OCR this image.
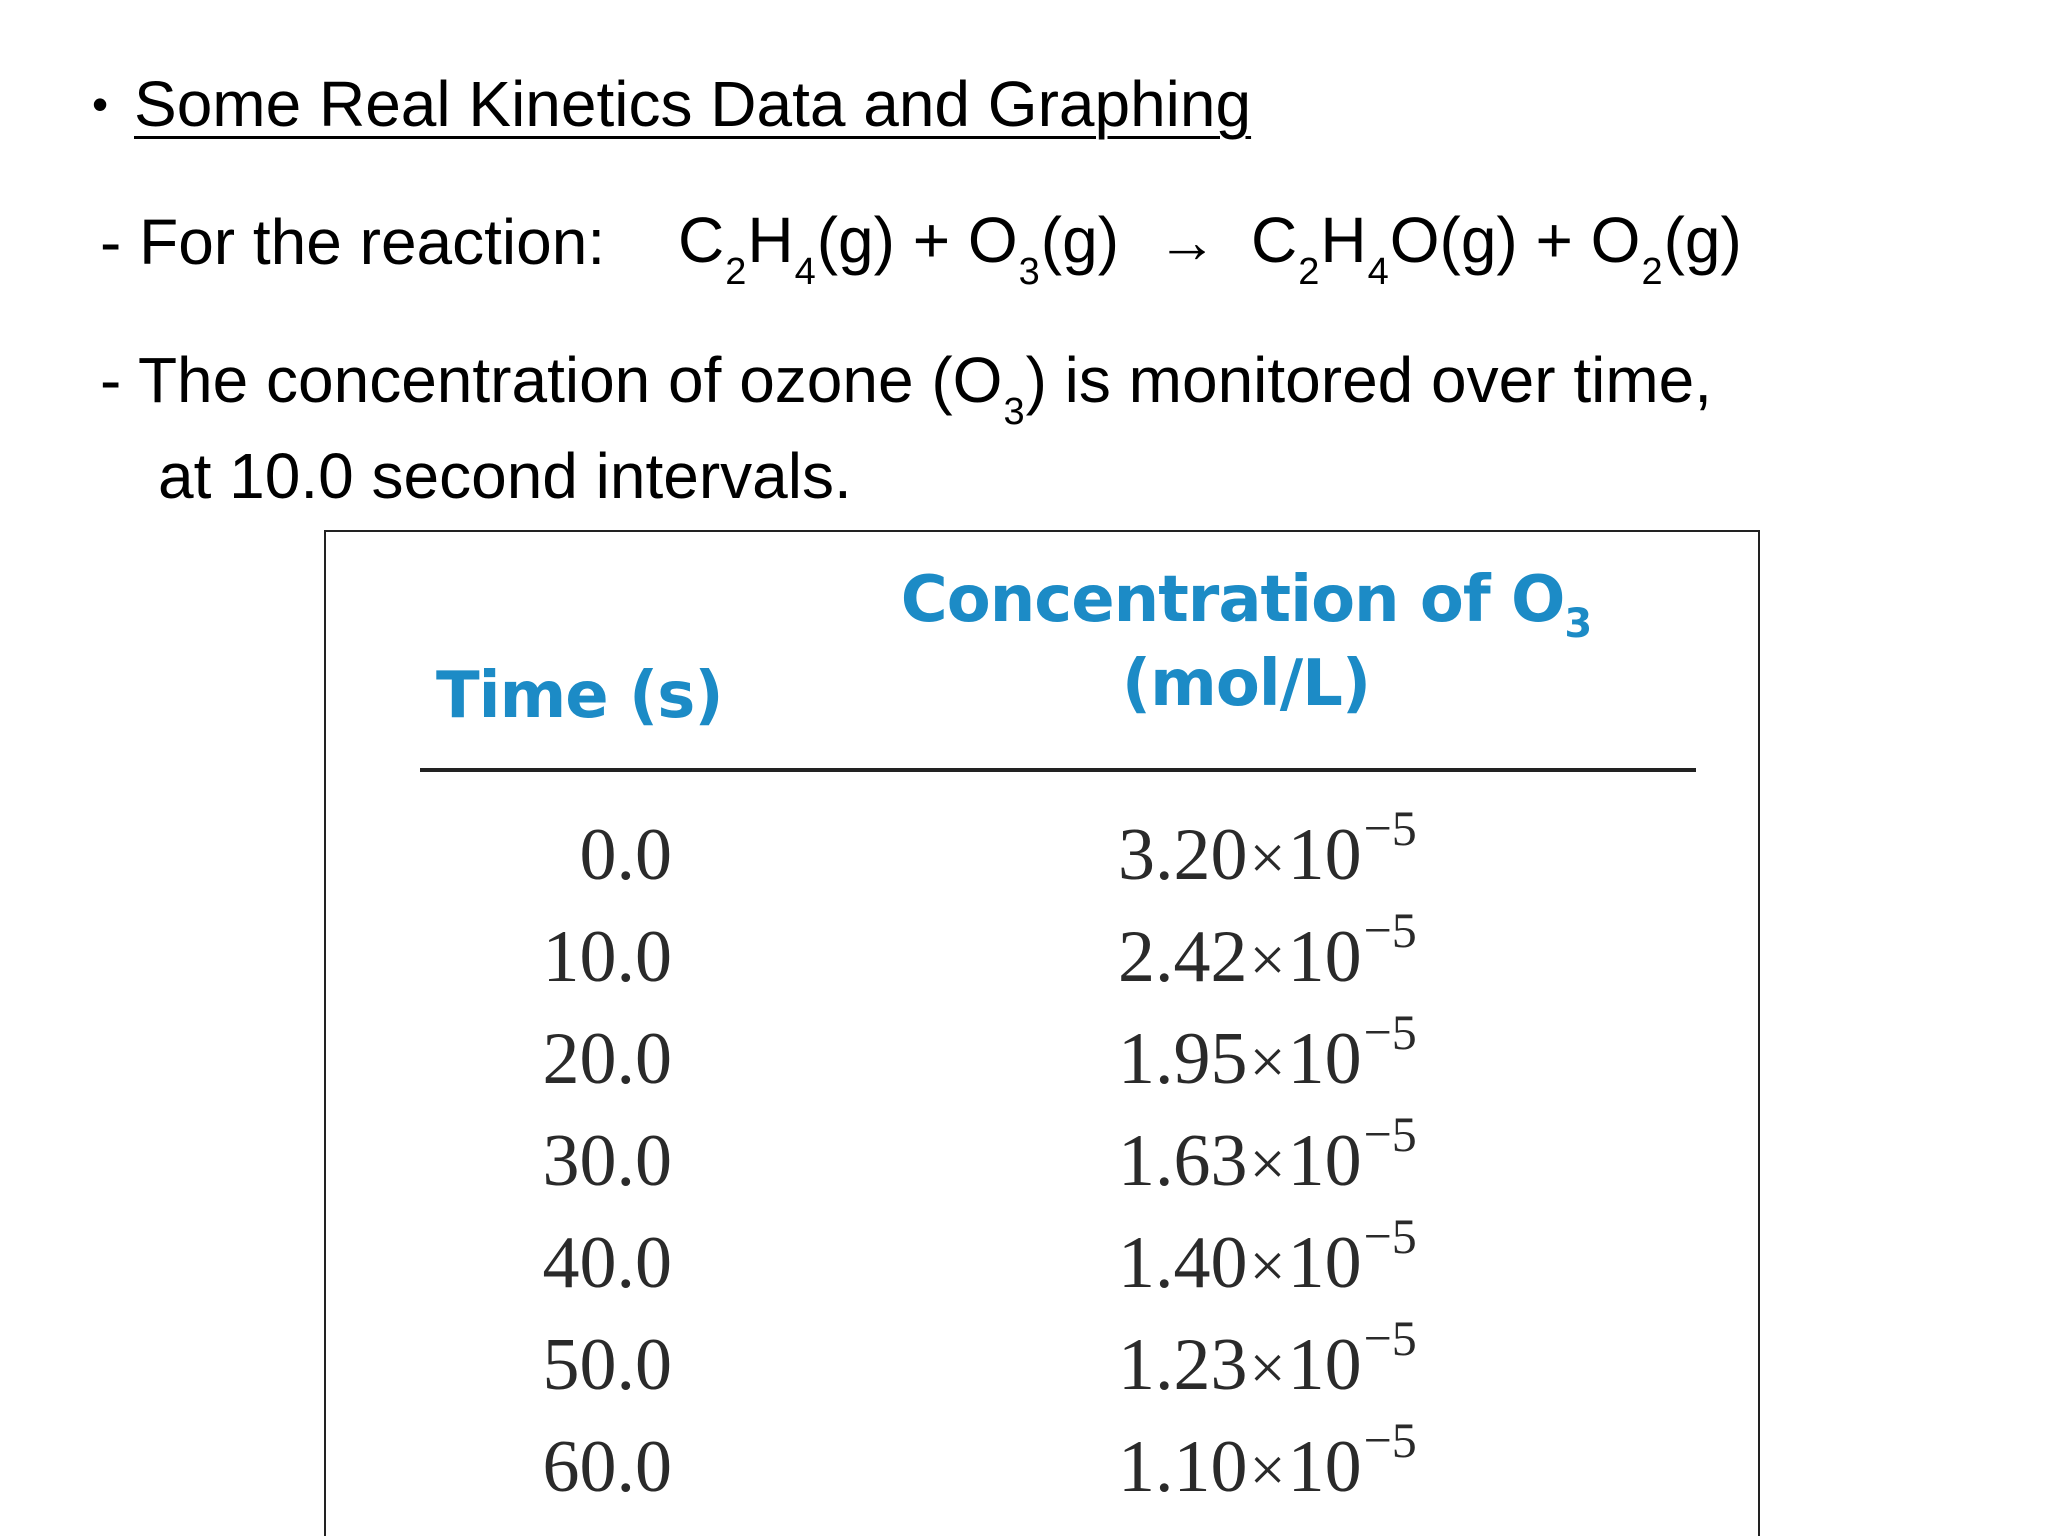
• Some Real Kinetics Data and Graphing
- For the reaction: $C_2H_4(g) + O_3(g) \to C_2H_4O(g) + O_2(g)$
- The concentration of ozone $(O_3)$ is monitored over time,
at 10.0 second intervals.
Time (s)
Concentration of $O_3$
(mol/L)
0.0
10.0
20.0
30.0
40.0
50.0
60.0
$3.20\times 10^{-5}$
$2.42\times 10^{-5}$
$1.95\times 10^{-5}$
$1.63\times 10^{-5}$
$1.40\times 10^{-5}$
$1.23\times 10^{-5}$
$1.10\times 10^{-5}$
